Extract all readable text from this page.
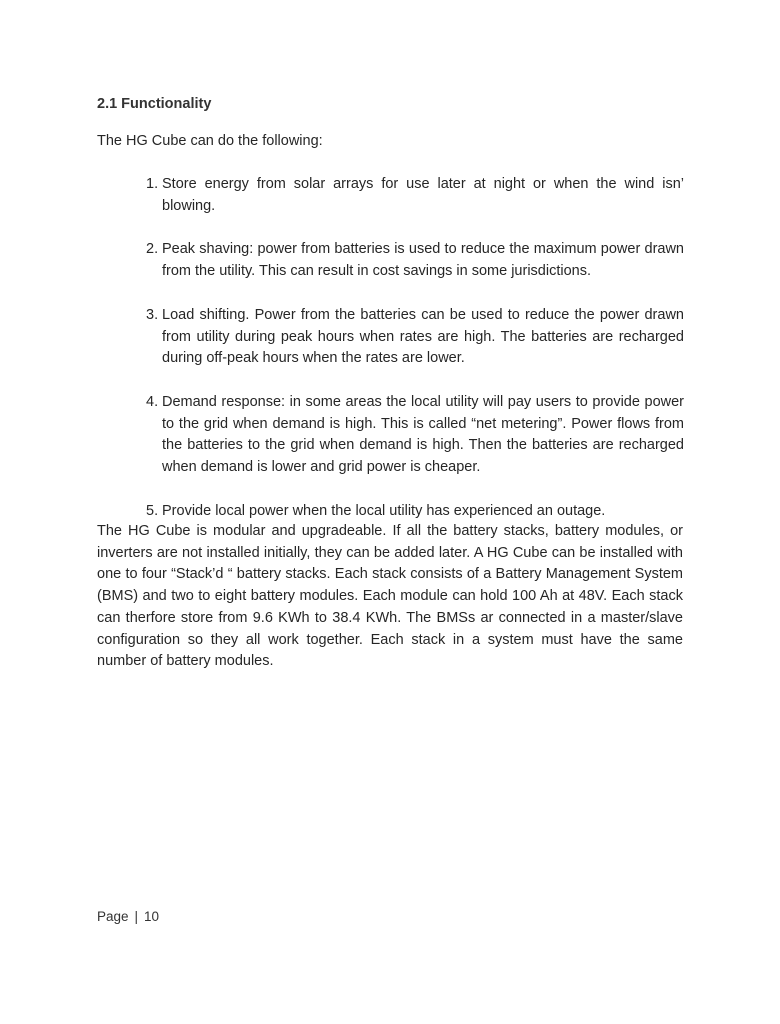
2.1 Functionality

The HG Cube can do the following:

1. Store energy from solar arrays for use later at night or when the wind isn’ blowing.
2. Peak shaving: power from batteries is used to reduce the maximum power drawn from the utility. This can result in cost savings in some jurisdictions.
3. Load shifting. Power from the batteries can be used to reduce the power drawn from utility during peak hours when rates are high. The batteries are recharged during off-peak hours when the rates are lower.
4. Demand response: in some areas the local utility will pay users to provide power to the grid when demand is high. This is called “net metering”. Power flows from the batteries to the grid when demand is high. Then the batteries are recharged when demand is lower and grid power is cheaper.
5. Provide local power when the local utility has experienced an outage.

The HG Cube is modular and upgradeable. If all the battery stacks, battery modules, or inverters are not installed initially, they can be added later. A HG Cube can be installed with one to four “Stack’d “ battery stacks. Each stack consists of a Battery Management System (BMS) and two to eight battery modules. Each module can hold 100 Ah at 48V. Each stack can therfore store from 9.6 KWh to 38.4 KWh. The BMSs ar connected in a master/slave configuration so they all work together. Each stack in a system must have the same number of battery modules.

Page | 10
